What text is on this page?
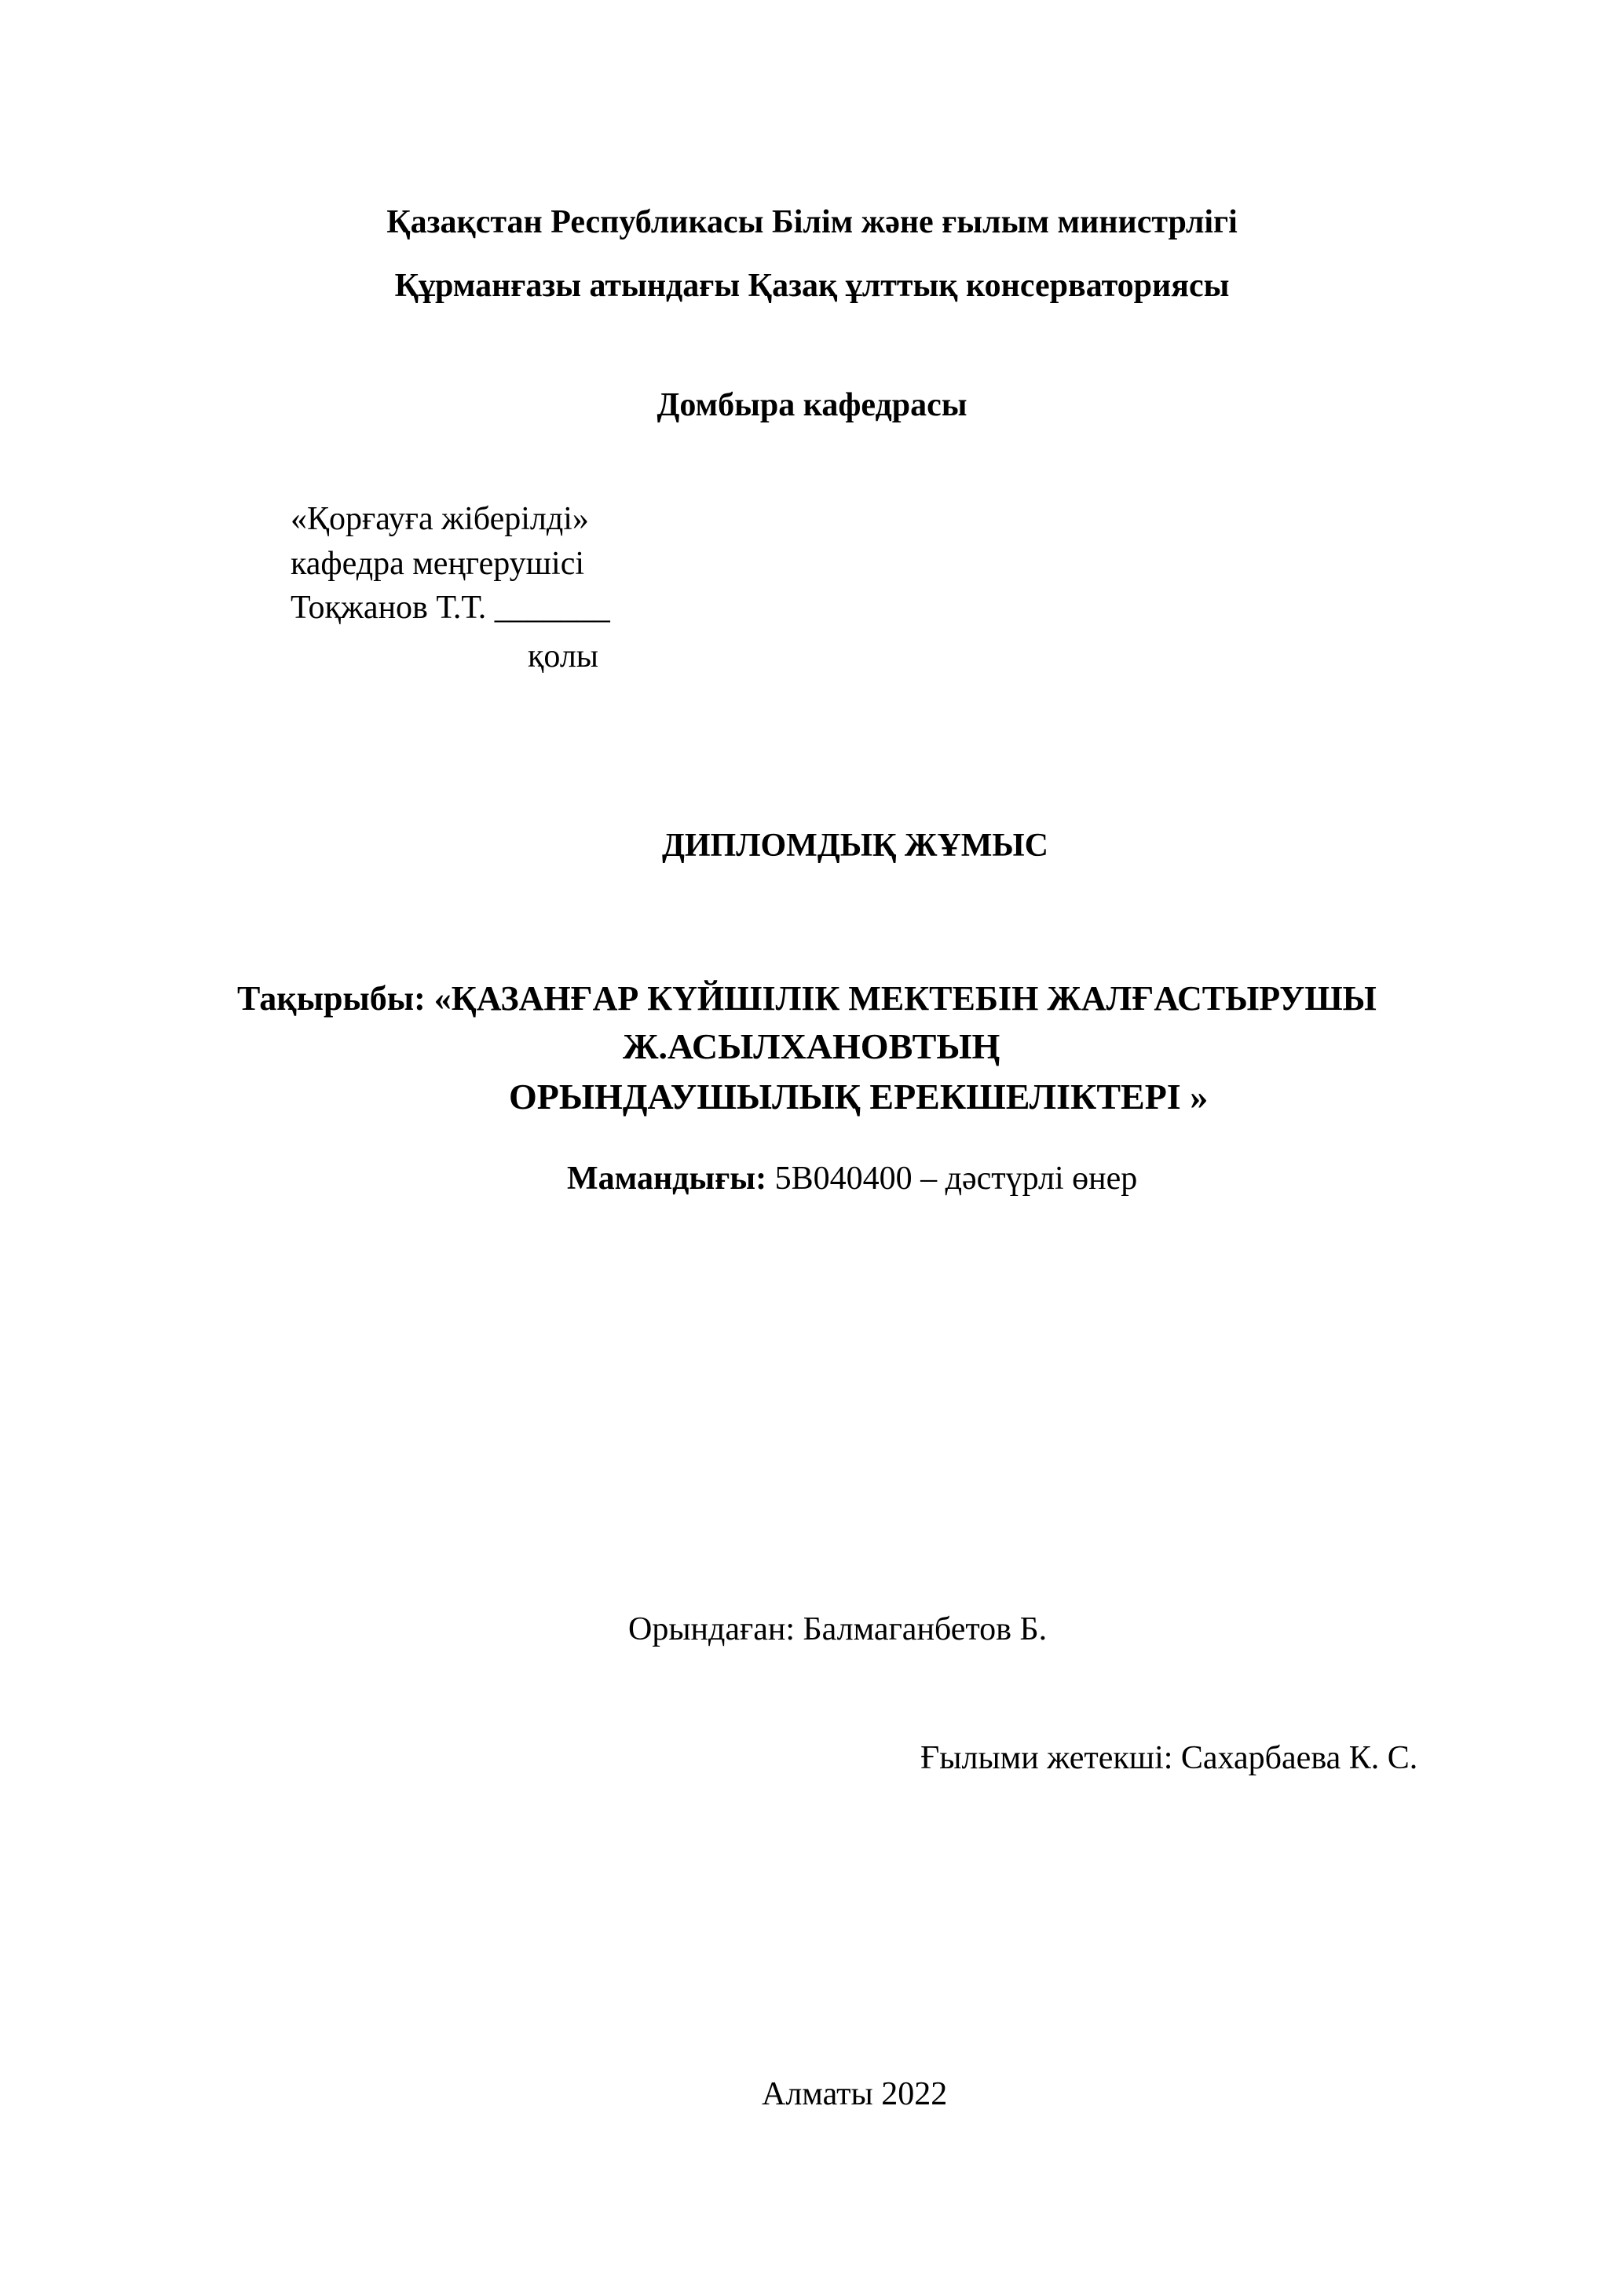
Қазақстан Республикасы Білім және ғылым министрлігі
Құрманғазы атындағы Қазақ ұлттық консерваториясы
Домбыра кафедрасы
«Қорғауға жіберілді»
кафедра меңгерушісі
Тоқжанов Т.Т. _______
қолы
ДИПЛОМДЫҚ ЖҰМЫС
Тақырыбы: «ҚАЗАНҒАР КҮЙШІЛІК МЕКТЕБІН ЖАЛҒАСТЫРУШЫ
Ж.АСЫЛХАНОВТЫҢ
ОРЫНДАУШЫЛЫҚ ЕРЕКШЕЛІКТЕРІ »
Мамандығы: 5В040400 – дәстүрлі өнер
Орындаған: Балмаганбетов Б.
Ғылыми жетекші: Сахарбаева К. С.
Алматы 2022
